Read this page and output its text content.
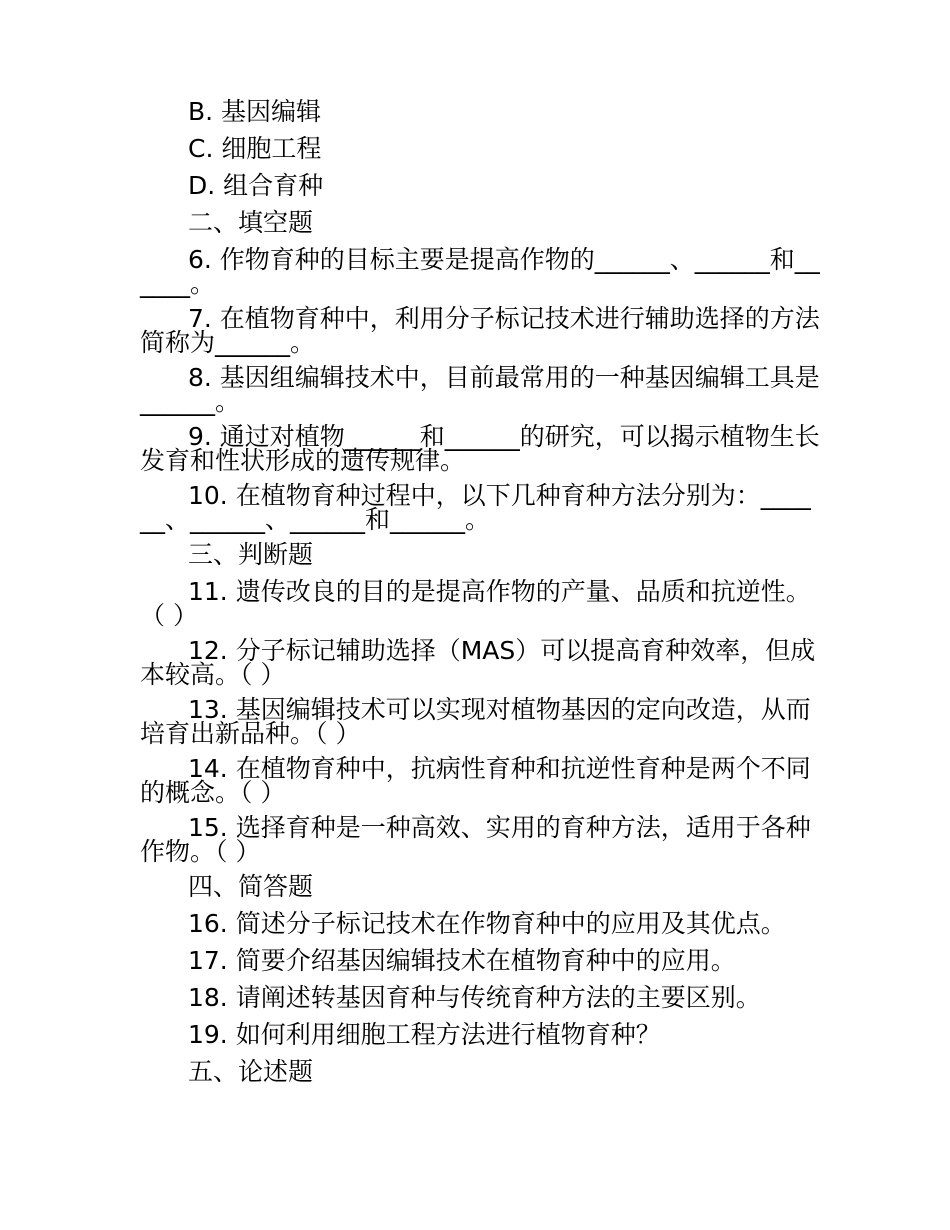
B. 基因编辑

C. 细胞工程

D. 组合育种

二、填空题

6. 作物育种的目标主要是提高作物的______、______和______。

7. 在植物育种中，利用分子标记技术进行辅助选择的方法简称为______。

8. 基因组编辑技术中，目前最常用的一种基因编辑工具是______。

9. 通过对植物______和______的研究，可以揭示植物生长发育和性状形成的遗传规律。

10. 在植物育种过程中，以下几种育种方法分别为：______、______、______和______。

三、判断题

11. 遗传改良的目的是提高作物的产量、品质和抗逆性。（ ）

12. 分子标记辅助选择（MAS）可以提高育种效率，但成本较高。（ ）

13. 基因编辑技术可以实现对植物基因的定向改造，从而培育出新品种。（ ）

14. 在植物育种中，抗病性育种和抗逆性育种是两个不同的概念。（ ）

15. 选择育种是一种高效、实用的育种方法，适用于各种作物。（ ）

四、简答题

16. 简述分子标记技术在作物育种中的应用及其优点。

17. 简要介绍基因编辑技术在植物育种中的应用。

18. 请阐述转基因育种与传统育种方法的主要区别。

19. 如何利用细胞工程方法进行植物育种？

五、论述题
